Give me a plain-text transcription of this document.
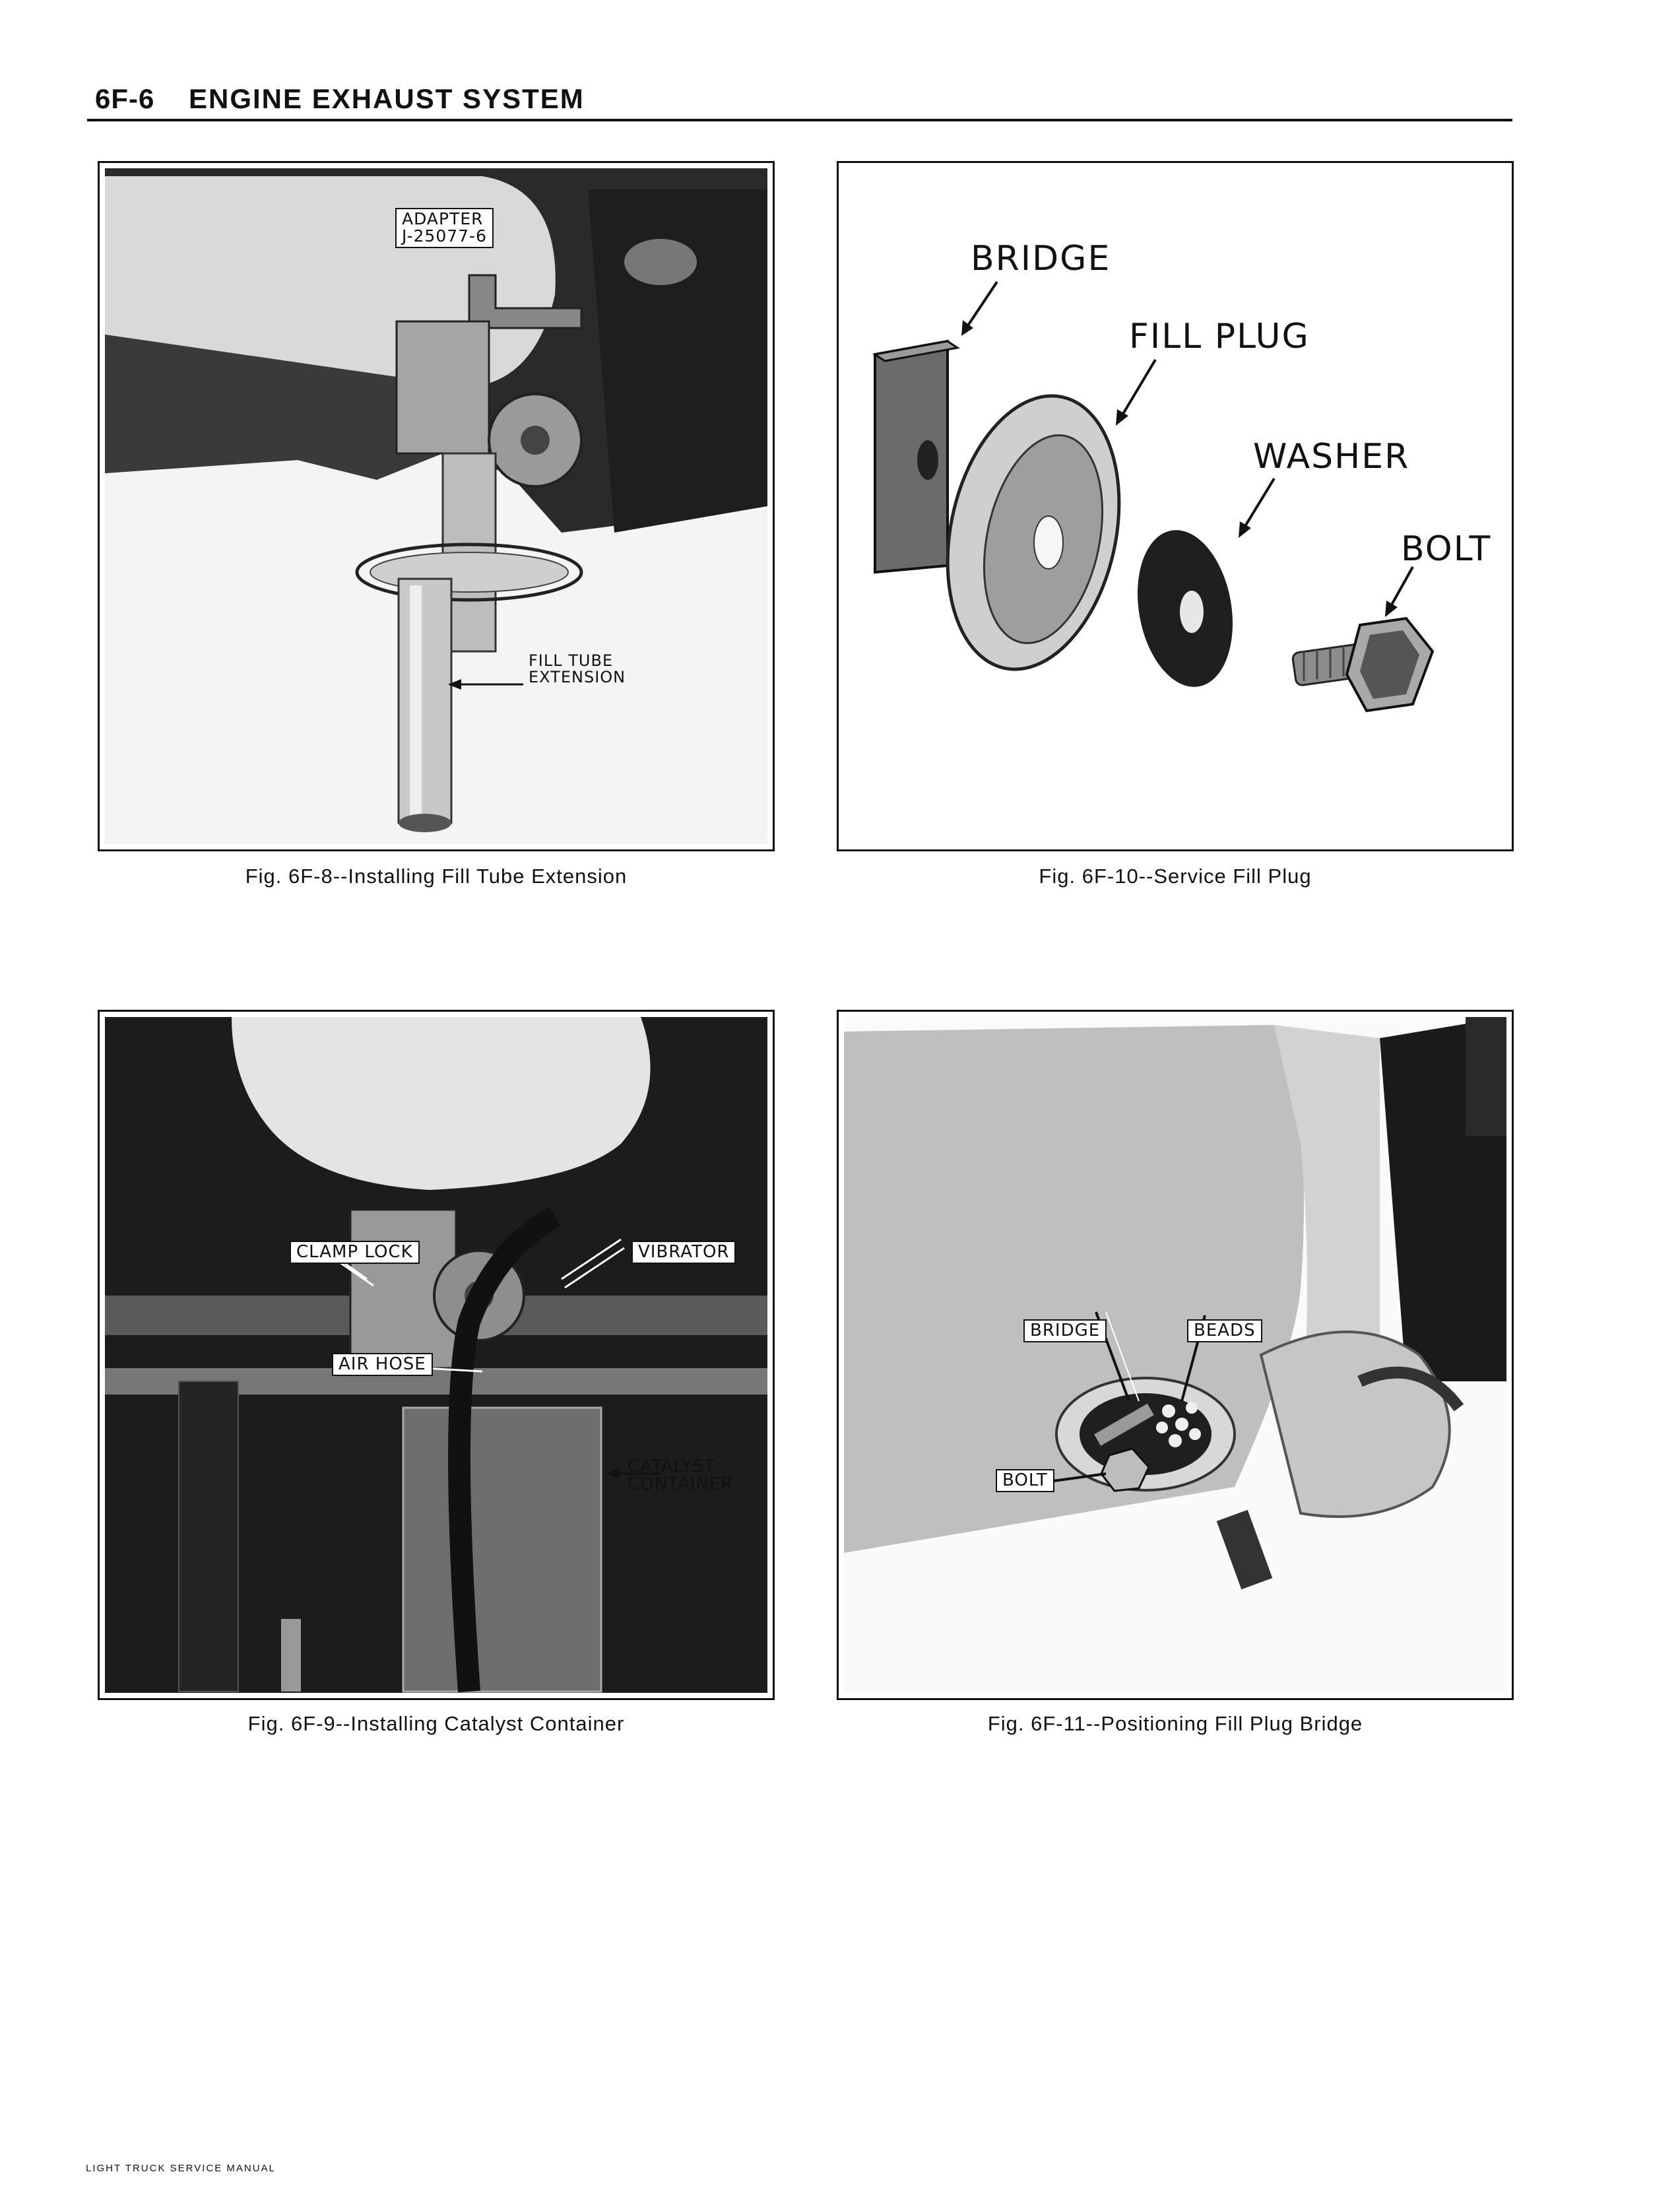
6F-6 ENGINE EXHAUST SYSTEM
ADAPTER
J-25077-6
FILL TUBE
EXTENSION
Fig. 6F-8--Installing Fill Tube Extension
BRIDGE
FILL PLUG
WASHER
BOLT
Fig. 6F-10--Service Fill Plug
CLAMP LOCK	VIBRATOR
AIR HOSE
CATALYST
CONTAINER
Fig. 6F-9--Installing Catalyst Container
BRIDGE	BEADS
BOLT
Fig. 6F-11--Positioning Fill Plug Bridge
LIGHT TRUCK SERVICE MANUAL
